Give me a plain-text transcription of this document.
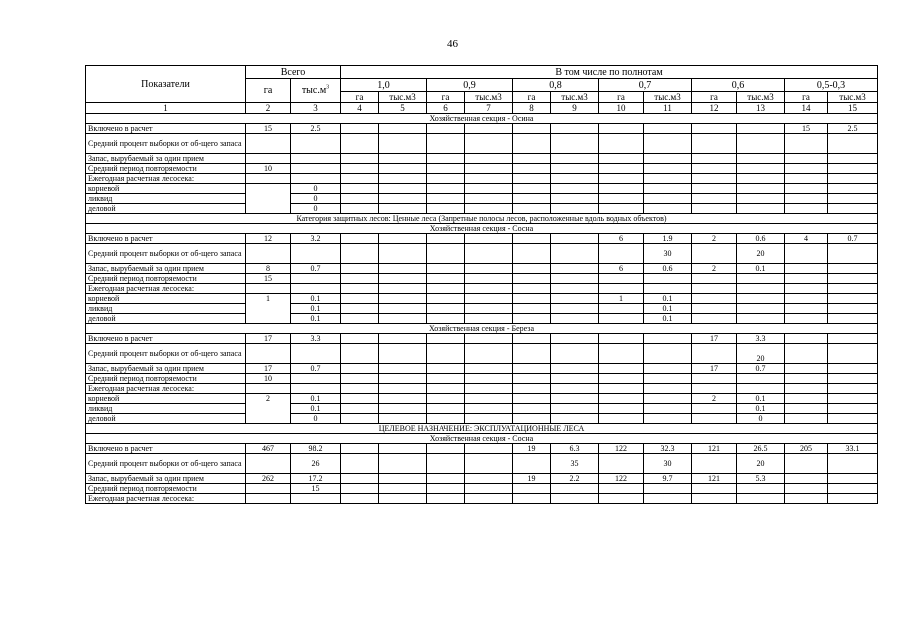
46
Показатели	Всего		В том числе по полнотам											
	га	$тыс.м^3$	1,0		0,9		0,8		0,7		0,6		0,5-0,3	
			га	тыс.м3	га	тыс.м3	га	тыс.м3	га	тыс.м3	га	тыс.м3	га	тыс.м3
1	2	3	4	5	6	7	8	9	10	11	12	13	14	15
Хозяйственная секция - Осина														
Включено в расчет	15	2.5											15	2.5
Средний процент выборки от об-щего запаса														
Запас, вырубаемый за один прием														
Средний период повторяемости	10													
Ежегодная расчетная лесосека:														
корневой		0												
ликвид		0												
деловой		0												
Категория защитных лесов: Ценные леса (Запретные полосы лесов, расположенные вдоль водных объектов)														
Хозяйственная секция - Сосна														
Включено в расчет	12	3.2							6	1.9	2	0.6	4	0.7
Средний процент выборки от об-щего запаса										30		20		
Запас, вырубаемый за один прием	8	0.7							6	0.6	2	0.1		
Средний период повторяемости	15													
Ежегодная расчетная лесосека:														
корневой	1	0.1							1	0.1				
ликвид		0.1								0.1				
деловой		0.1								0.1				
Хозяйственная секция - Береза														
Включено в расчет	17	3.3									17	3.3		
Средний процент выборки от об-щего запаса												20		
Запас, вырубаемый за один прием	17	0.7									17	0.7		
Средний период повторяемости	10													
Ежегодная расчетная лесосека:														
корневой	2	0.1									2	0.1		
ликвид		0.1										0.1		
деловой		0										0		
ЦЕЛЕВОЕ НАЗНАЧЕНИЕ: ЭКСПЛУАТАЦИОННЫЕ ЛЕСА														
Хозяйственная секция - Сосна														
Включено в расчет	467	98.2					19	6.3	122	32.3	121	26.5	205	33.1
Средний процент выборки от об-щего запаса		26						35		30		20		
Запас, вырубаемый за один прием	262	17.2					19	2.2	122	9.7	121	5.3		
Средний период повторяемости		15												
Ежегодная расчетная лесосека:														
